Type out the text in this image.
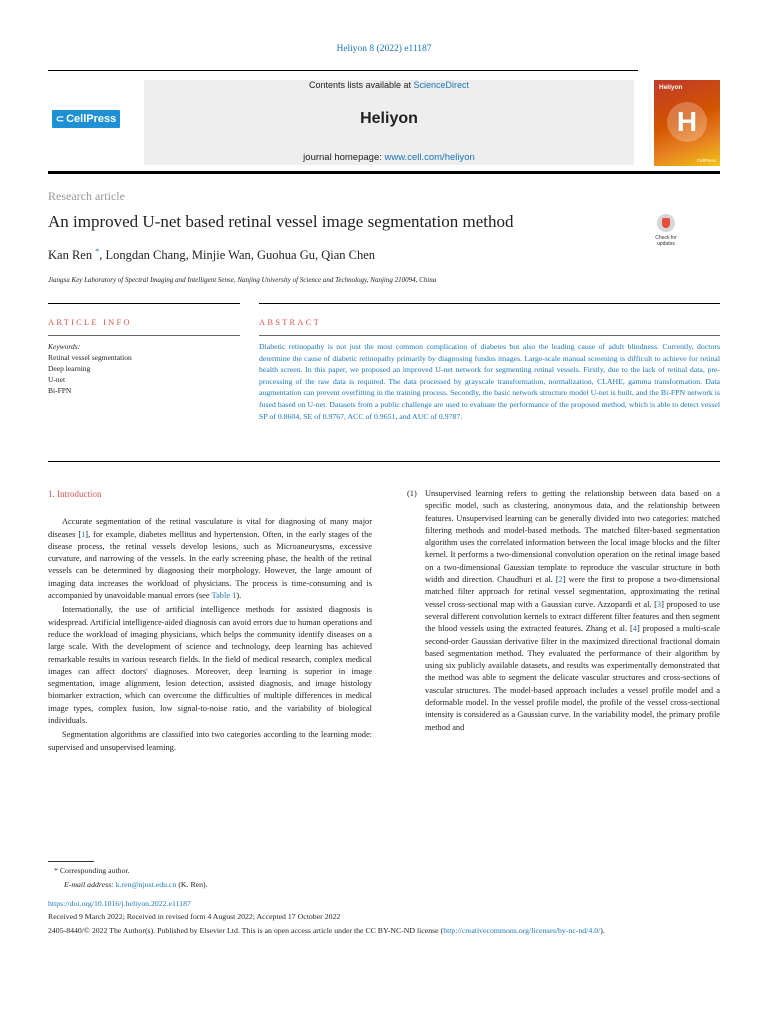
Heliyon 8 (2022) e11187
⊂ CellPress
Contents lists available at ScienceDirect
Heliyon
journal homepage: www.cell.com/heliyon
Heliyon
H
CellPress
Research article
An improved U-net based retinal vessel image segmentation method
Check for updates
Kan Ren *, Longdan Chang, Minjie Wan, Guohua Gu, Qian Chen
Jiangsu Key Laboratory of Spectral Imaging and Intelligent Sense, Nanjing University of Science and Technology, Nanjing 210094, China
ARTICLE INFO	ABSTRACT
Keywords:
Retinal vessel segmentation
Deep learning
U-net
Bi-FPN
Diabetic retinopathy is not just the most common complication of diabetes but also the leading cause of adult blindness. Currently, doctors determine the cause of diabetic retinopathy primarily by diagnosing fundus images. Large-scale manual screening is difficult to achieve for retinal health screen. In this paper, we proposed an improved U-net network for segmenting retinal vessels. Firstly, due to the lack of retinal data, pre-processing of the raw data is required. The data processed by grayscale transformation, normalization, CLAHE, gamma transformation. Data augmentation can prevent overfitting in the training process. Secondly, the basic network structure model U-net is built, and the Bi-FPN network is fused based on U-net. Datasets from a public challenge are used to evaluate the performance of the proposed method, which is able to detect vessel SP of 0.8604, SE of 0.9767, ACC of 0.9651, and AUC of 0.9787.
1. Introduction

Accurate segmentation of the retinal vasculature is vital for diagnosing of many major diseases [1], for example, diabetes mellitus and hypertension. Often, in the early stages of the disease process, the retinal vessels develop lesions, such as Microaneurysms, excessive curvature, and narrowing of the vessels. In the early screening phase, the health of the retinal vessels can be determined by diagnosing their morphology. However, the large amount of imaging data increases the workload of physicians. The process is time-consuming and is accompanied by unavoidable manual errors (see Table 1).

Internationally, the use of artificial intelligence methods for assisted diagnosis is widespread. Artificial intelligence-aided diagnosis can avoid errors due to human operations and reduce the workload of imaging physicians, which helps the community identify diseases on a large scale. With the development of science and technology, deep learning has achieved remarkable results in various research fields. In the field of medical research, complex medical images can affect doctors' diagnoses. Moreover, deep learning is superior in image segmentation, image alignment, lesion detection, assisted diagnosis, and image histology biomarker extraction, which can overcome the difficulties of multiple differences in medical image types, complex fusion, low signal-to-noise ratio, and the variability of biological individuals.

Segmentation algorithms are classified into two categories according to the learning mode: supervised and unsupervised learning.

(1) Unsupervised learning refers to getting the relationship between data based on a specific model, such as clustering, anonymous data, and the relationship between features. Unsupervised learning can be generally divided into two categories: matched filtering methods and model-based methods. The matched filter-based segmentation algorithm uses the correlated information between the local image blocks and the filter kernel. It performs a two-dimensional convolution operation on the retinal image based on a two-dimensional Gaussian template to reproduce the vascular structure in both width and direction. Chaudhuri et al. [2] were the first to propose a two-dimensional matched filter approach for retinal vessel segmentation, approximating the retinal vessel cross-sectional map with a Gaussian curve. Azzopardi et al. [3] proposed to use several different convolution kernels to extract different filter features and then segment the blood vessels using the extracted features. Zhang et al. [4] proposed a multi-scale second-order Gaussian derivative filter in the maximized directional fractional domain based segmentation method. They evaluated the performance of their algorithm by using six publicly available datasets, and results was experimentally demonstrated that the method was able to segment the delicate vascular structures and cross-sections of vascular structures. The model-based approach includes a vessel profile model and a deformable model. In the vessel profile model, the profile of the vessel cross-sectional intensity is considered as a Gaussian curve. In the variability model, the primary profile method and
* Corresponding author.
E-mail address: k.ren@njust.edu.cn (K. Ren).
https://doi.org/10.1016/j.heliyon.2022.e11187
Received 9 March 2022; Received in revised form 4 August 2022; Accepted 17 October 2022
2405-8440/© 2022 The Author(s). Published by Elsevier Ltd. This is an open access article under the CC BY-NC-ND license (http://creativecommons.org/licenses/by-nc-nd/4.0/).
